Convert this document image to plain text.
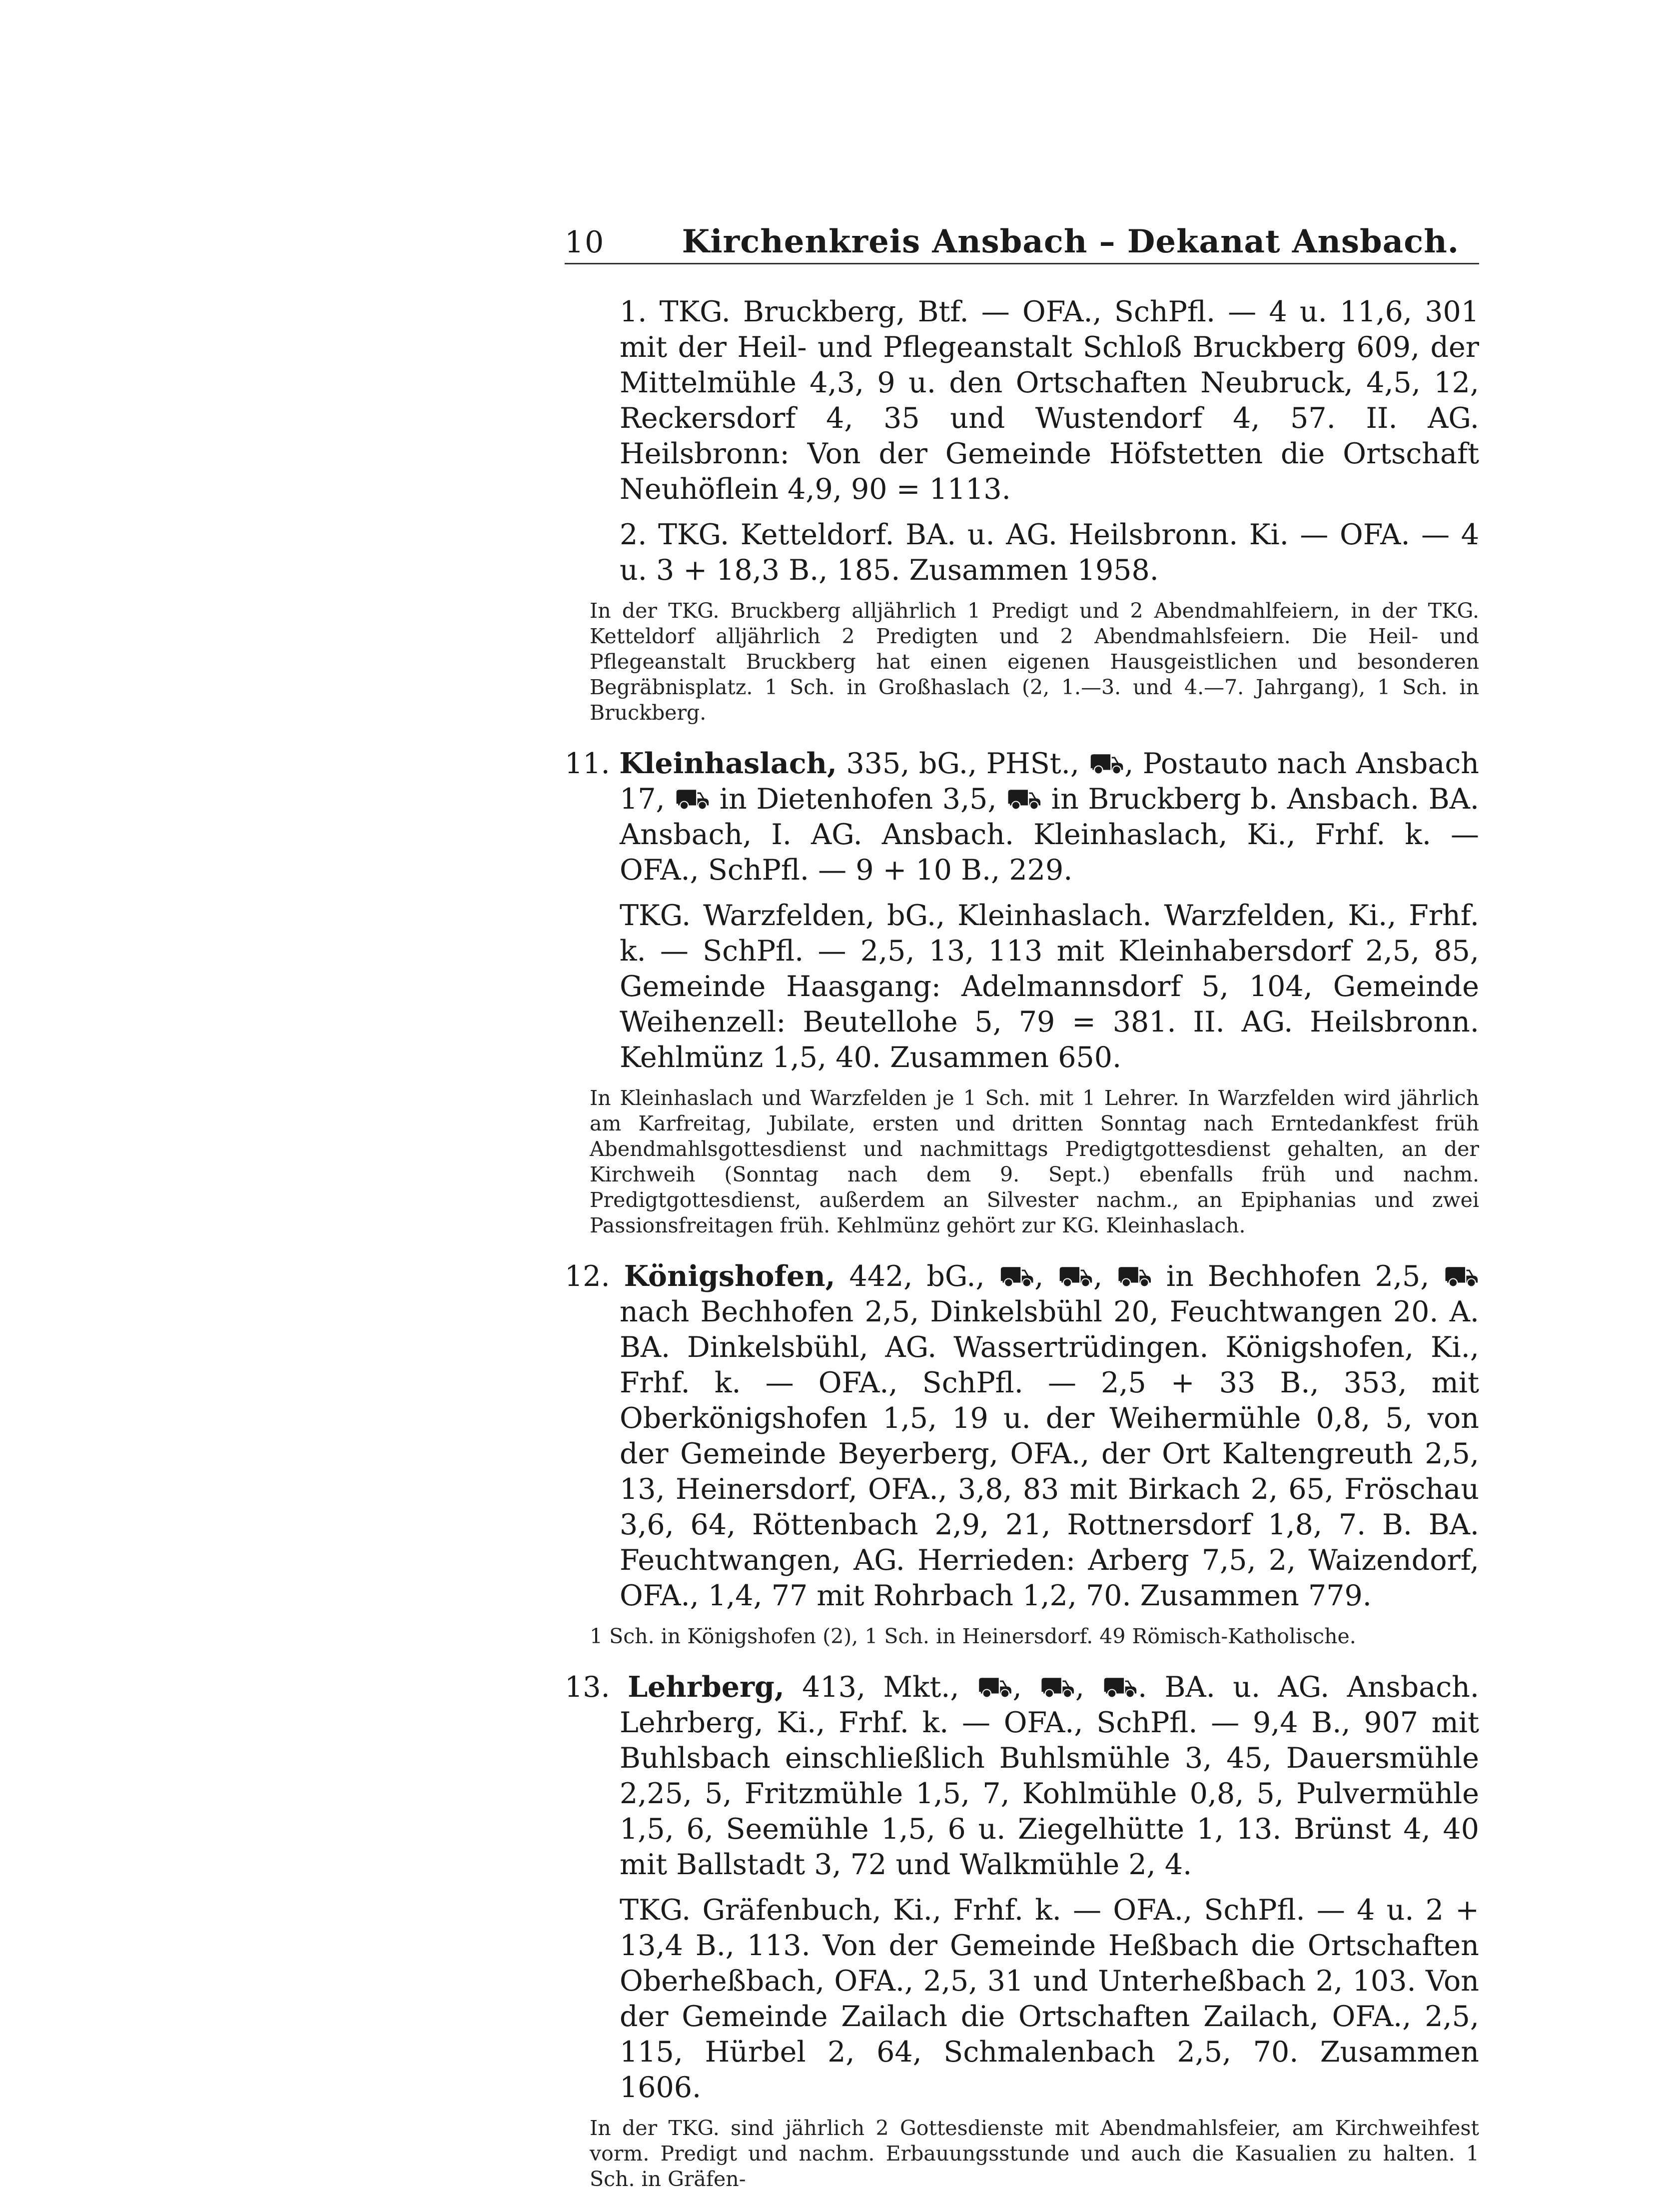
10 Kirchenkreis Ansbach – Dekanat Ansbach.

1. TKG. Bruckberg, Btf. — OFA., SchPfl. — 4 u. 11,6, 301 mit der Heil- und Pflegeanstalt Schloß Bruckberg 609, der Mittelmühle 4,3, 9 u. den Ortschaften Neubruck, 4,5, 12, Reckersdorf 4, 35 und Wustendorf 4, 57. II. AG. Heilsbronn: Von der Gemeinde Höfstetten die Ortschaft Neuhöflein 4,9, 90 = 1113.

2. TKG. Ketteldorf. BA. u. AG. Heilsbronn. Ki. — OFA. — 4 u. 3 + 18,3 B., 185. Zusammen 1958.

In der TKG. Bruckberg alljährlich 1 Predigt und 2 Abendmahlfeiern, in der TKG. Ketteldorf alljährlich 2 Predigten und 2 Abendmahlsfeiern. Die Heil- und Pflegeanstalt Bruckberg hat einen eigenen Hausgeistlichen und besonderen Begräbnisplatz. 1 Sch. in Großhaslach (2, 1.—3. und 4.—7. Jahrgang), 1 Sch. in Bruckberg.

11. Kleinhaslach, 335, bG., PHSt., ⛟, Postauto nach Ansbach 17, ⛟ in Dietenhofen 3,5, ⛟ in Bruckberg b. Ansbach. BA. Ansbach, I. AG. Ansbach. Kleinhaslach, Ki., Frhf. k. — OFA., SchPfl. — 9 + 10 B., 229.

TKG. Warzfelden, bG., Kleinhaslach. Warzfelden, Ki., Frhf. k. — SchPfl. — 2,5, 13, 113 mit Kleinhabersdorf 2,5, 85, Gemeinde Haasgang: Adelmannsdorf 5, 104, Gemeinde Weihenzell: Beutellohe 5, 79 = 381. II. AG. Heilsbronn. Kehlmünz 1,5, 40. Zusammen 650.

In Kleinhaslach und Warzfelden je 1 Sch. mit 1 Lehrer. In Warzfelden wird jährlich am Karfreitag, Jubilate, ersten und dritten Sonntag nach Erntedankfest früh Abendmahlsgottesdienst und nachmittags Predigtgottesdienst gehalten, an der Kirchweih (Sonntag nach dem 9. Sept.) ebenfalls früh und nachm. Predigtgottesdienst, außerdem an Silvester nachm., an Epiphanias und zwei Passionsfreitagen früh. Kehlmünz gehört zur KG. Kleinhaslach.

12. Königshofen, 442, bG., ⛟, ⛟, ⛟ in Bechhofen 2,5, ⛟ nach Bechhofen 2,5, Dinkelsbühl 20, Feuchtwangen 20. A. BA. Dinkelsbühl, AG. Wassertrüdingen. Königshofen, Ki., Frhf. k. — OFA., SchPfl. — 2,5 + 33 B., 353, mit Oberkönigshofen 1,5, 19 u. der Weihermühle 0,8, 5, von der Gemeinde Beyerberg, OFA., der Ort Kaltengreuth 2,5, 13, Heinersdorf, OFA., 3,8, 83 mit Birkach 2, 65, Fröschau 3,6, 64, Röttenbach 2,9, 21, Rottnersdorf 1,8, 7. B. BA. Feuchtwangen, AG. Herrieden: Arberg 7,5, 2, Waizendorf, OFA., 1,4, 77 mit Rohrbach 1,2, 70. Zusammen 779.

1 Sch. in Königshofen (2), 1 Sch. in Heinersdorf. 49 Römisch-Katholische.

13. Lehrberg, 413, Mkt., ⛟, ⛟, ⛟. BA. u. AG. Ansbach. Lehrberg, Ki., Frhf. k. — OFA., SchPfl. — 9,4 B., 907 mit Buhlsbach einschließlich Buhlsmühle 3, 45, Dauersmühle 2,25, 5, Fritzmühle 1,5, 7, Kohlmühle 0,8, 5, Pulvermühle 1,5, 6, Seemühle 1,5, 6 u. Ziegelhütte 1, 13. Brünst 4, 40 mit Ballstadt 3, 72 und Walkmühle 2, 4.

TKG. Gräfenbuch, Ki., Frhf. k. — OFA., SchPfl. — 4 u. 2 + 13,4 B., 113. Von der Gemeinde Heßbach die Ortschaften Oberheßbach, OFA., 2,5, 31 und Unterheßbach 2, 103. Von der Gemeinde Zailach die Ortschaften Zailach, OFA., 2,5, 115, Hürbel 2, 64, Schmalenbach 2,5, 70. Zusammen 1606.

In der TKG. sind jährlich 2 Gottesdienste mit Abendmahlsfeier, am Kirchweihfest vorm. Predigt und nachm. Erbauungsstunde und auch die Kasualien zu halten. 1 Sch. in Gräfen-
